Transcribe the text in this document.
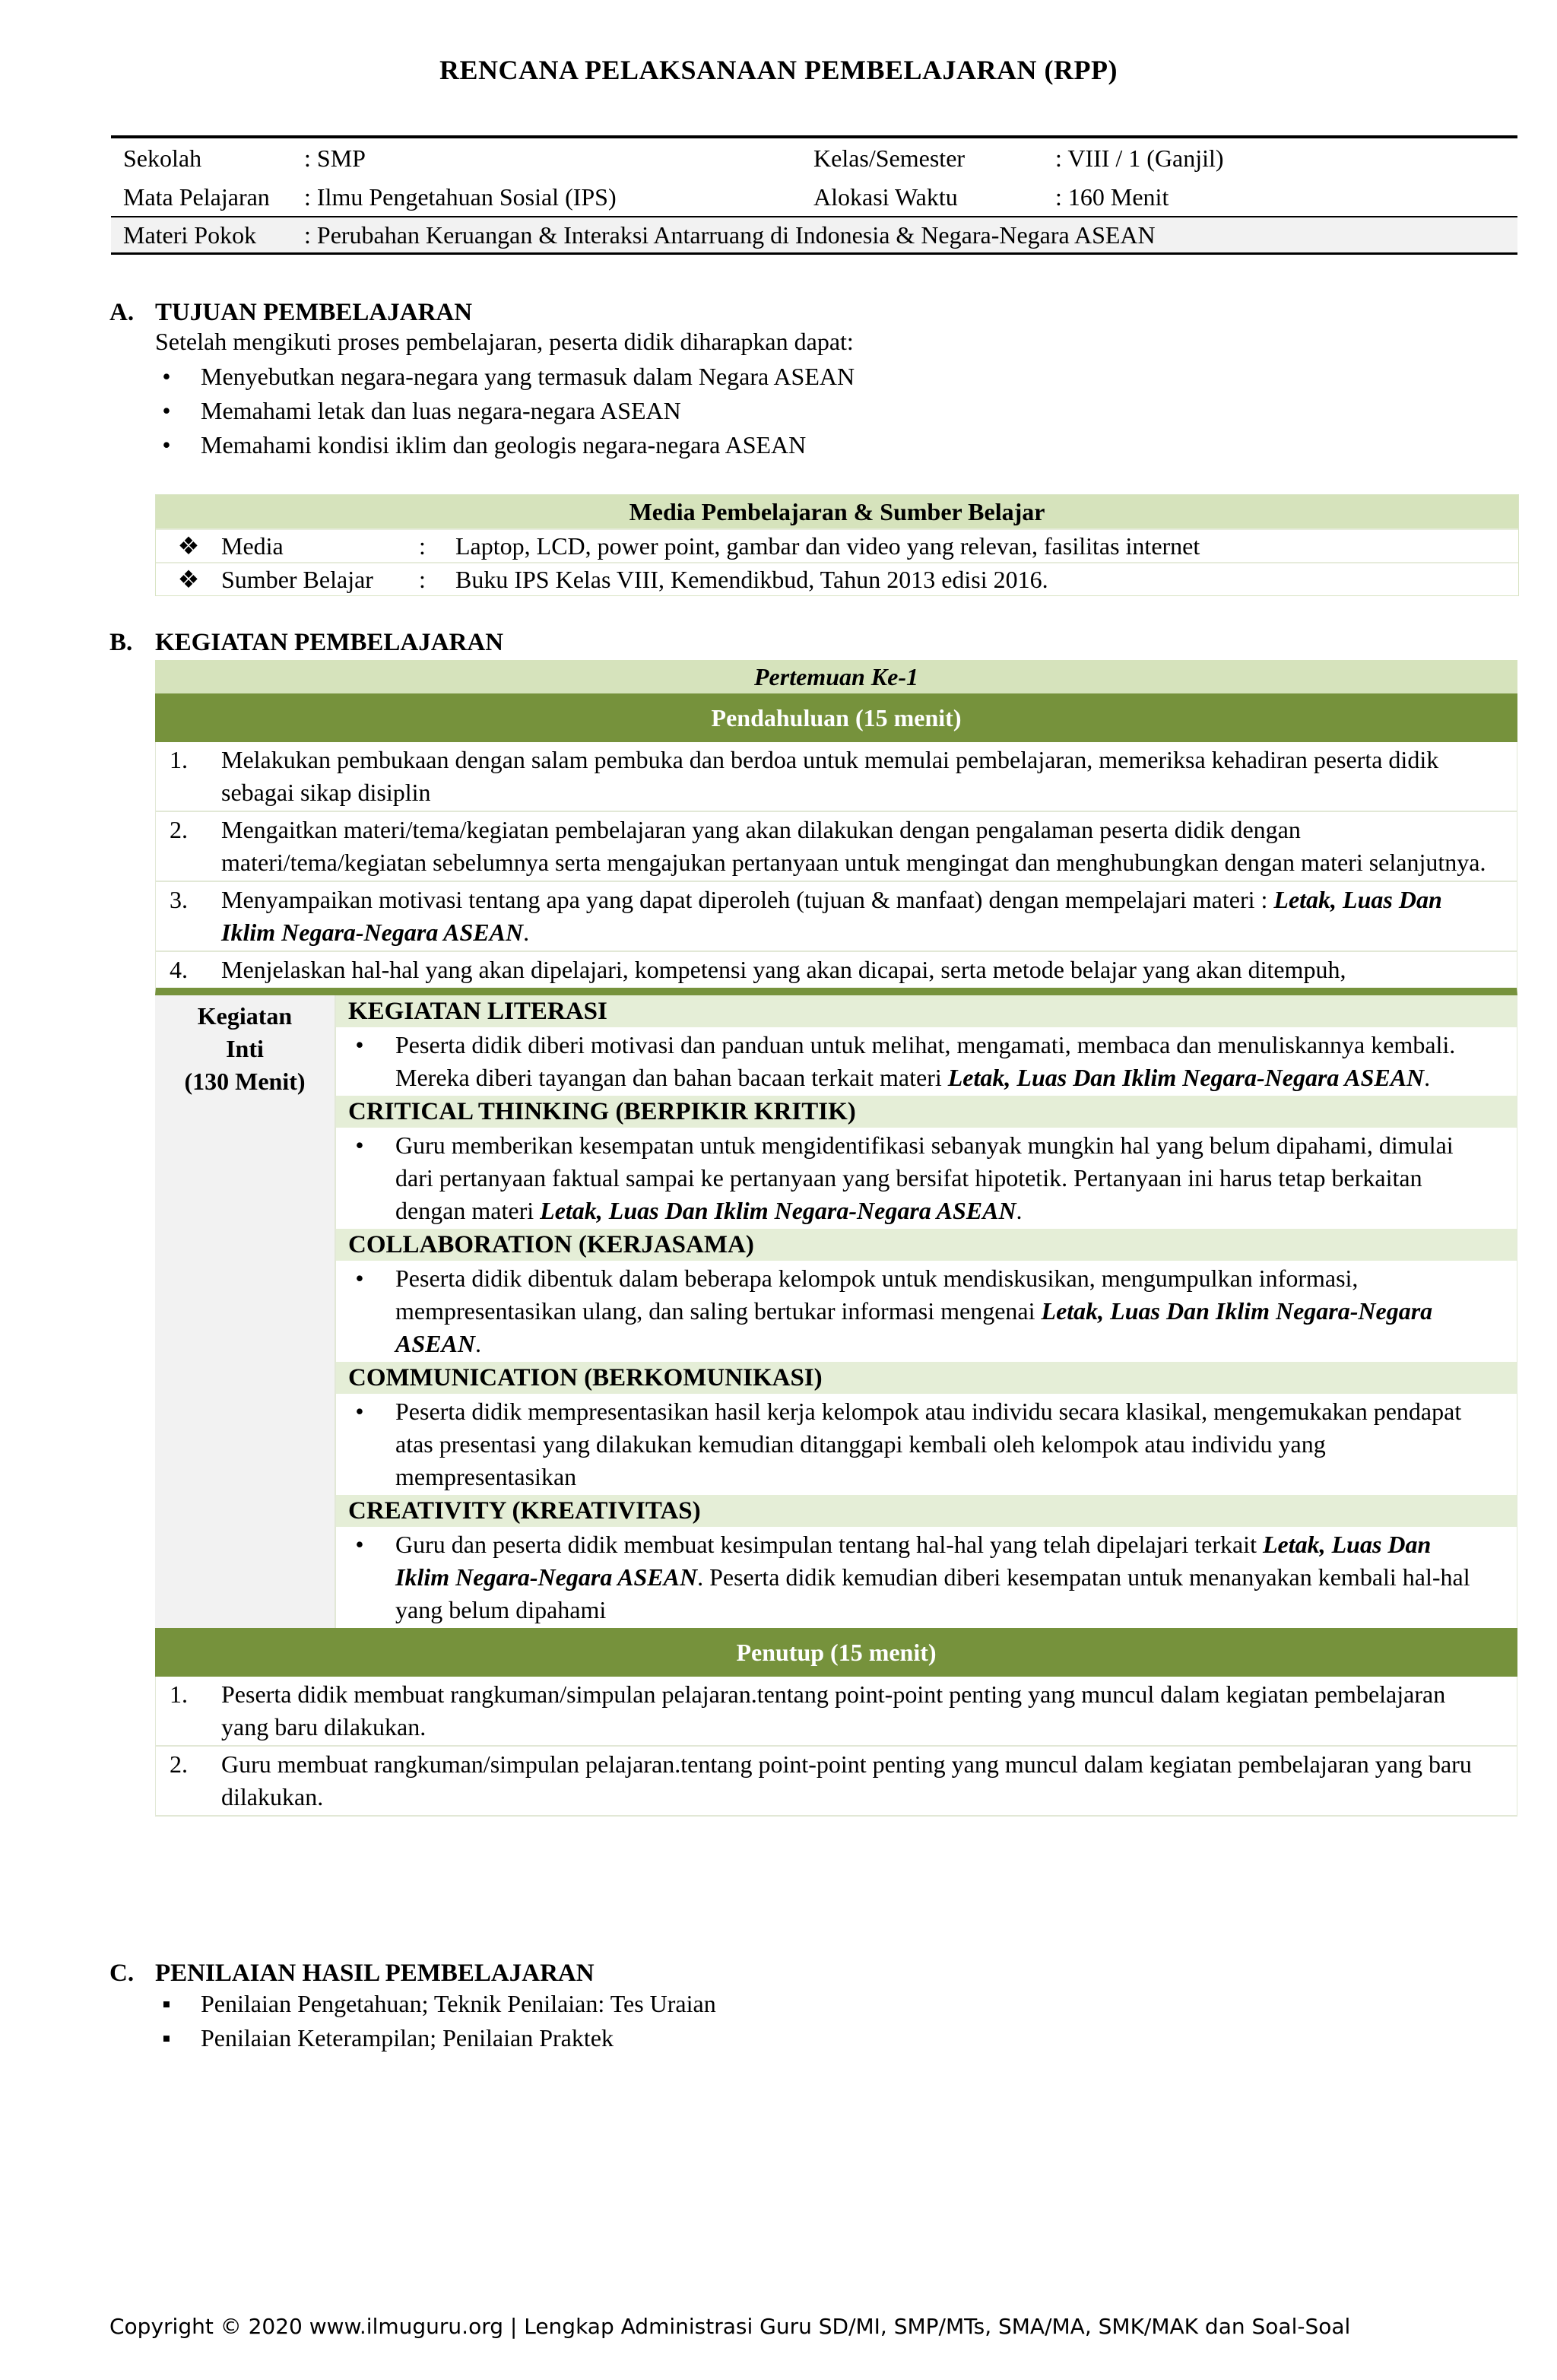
RENCANA PELAKSANAAN PEMBELAJARAN (RPP)
Sekolah	: SMP	Kelas/Semester	: VIII / 1 (Ganjil)
Mata Pelajaran	: Ilmu Pengetahuan Sosial (IPS)	Alokasi Waktu	: 160 Menit
Materi Pokok	: Perubahan Keruangan & Interaksi Antarruang di Indonesia & Negara-Negara ASEAN
A. TUJUAN PEMBELAJARAN
Setelah mengikuti proses pembelajaran, peserta didik diharapkan dapat:
• Menyebutkan negara-negara yang termasuk dalam Negara ASEAN
• Memahami letak dan luas negara-negara ASEAN
• Memahami kondisi iklim dan geologis negara-negara ASEAN
Media Pembelajaran & Sumber Belajar
❖ Media	:	Laptop, LCD, power point, gambar dan video yang relevan, fasilitas internet
❖ Sumber Belajar	:	Buku IPS Kelas VIII, Kemendikbud, Tahun 2013 edisi 2016.
B. KEGIATAN PEMBELAJARAN
Pertemuan Ke-1
Pendahuluan (15 menit)
1.	Melakukan pembukaan dengan salam pembuka dan berdoa untuk memulai pembelajaran, memeriksa kehadiran peserta didik sebagai sikap disiplin
2.	Mengaitkan materi/tema/kegiatan pembelajaran yang akan dilakukan dengan pengalaman peserta didik dengan materi/tema/kegiatan sebelumnya serta mengajukan pertanyaan untuk mengingat dan menghubungkan dengan materi selanjutnya.
3.	Menyampaikan motivasi tentang apa yang dapat diperoleh (tujuan & manfaat) dengan mempelajari materi : Letak, Luas Dan Iklim Negara-Negara ASEAN.
4.	Menjelaskan hal-hal yang akan dipelajari, kompetensi yang akan dicapai, serta metode belajar yang akan ditempuh,
Kegiatan
Inti
(130 Menit)
KEGIATAN LITERASI
• Peserta didik diberi motivasi dan panduan untuk melihat, mengamati, membaca dan menuliskannya kembali. Mereka diberi tayangan dan bahan bacaan terkait materi Letak, Luas Dan Iklim Negara-Negara ASEAN.
CRITICAL THINKING (BERPIKIR KRITIK)
• Guru memberikan kesempatan untuk mengidentifikasi sebanyak mungkin hal yang belum dipahami, dimulai dari pertanyaan faktual sampai ke pertanyaan yang bersifat hipotetik. Pertanyaan ini harus tetap berkaitan dengan materi Letak, Luas Dan Iklim Negara-Negara ASEAN.
COLLABORATION (KERJASAMA)
• Peserta didik dibentuk dalam beberapa kelompok untuk mendiskusikan, mengumpulkan informasi, mempresentasikan ulang, dan saling bertukar informasi mengenai Letak, Luas Dan Iklim Negara-Negara ASEAN.
COMMUNICATION (BERKOMUNIKASI)
• Peserta didik mempresentasikan hasil kerja kelompok atau individu secara klasikal, mengemukakan pendapat atas presentasi yang dilakukan kemudian ditanggapi kembali oleh kelompok atau individu yang mempresentasikan
CREATIVITY (KREATIVITAS)
• Guru dan peserta didik membuat kesimpulan tentang hal-hal yang telah dipelajari terkait Letak, Luas Dan Iklim Negara-Negara ASEAN. Peserta didik kemudian diberi kesempatan untuk menanyakan kembali hal-hal yang belum dipahami
Penutup (15 menit)
1.	Peserta didik membuat rangkuman/simpulan pelajaran.tentang point-point penting yang muncul dalam kegiatan pembelajaran yang baru dilakukan.
2.	Guru membuat rangkuman/simpulan pelajaran.tentang point-point penting yang muncul dalam kegiatan pembelajaran yang baru dilakukan.
C. PENILAIAN HASIL PEMBELAJARAN
▪ Penilaian Pengetahuan; Teknik Penilaian: Tes Uraian
▪ Penilaian Keterampilan; Penilaian Praktek
Copyright © 2020 www.ilmuguru.org | Lengkap Administrasi Guru SD/MI, SMP/MTs, SMA/MA, SMK/MAK dan Soal-Soal
